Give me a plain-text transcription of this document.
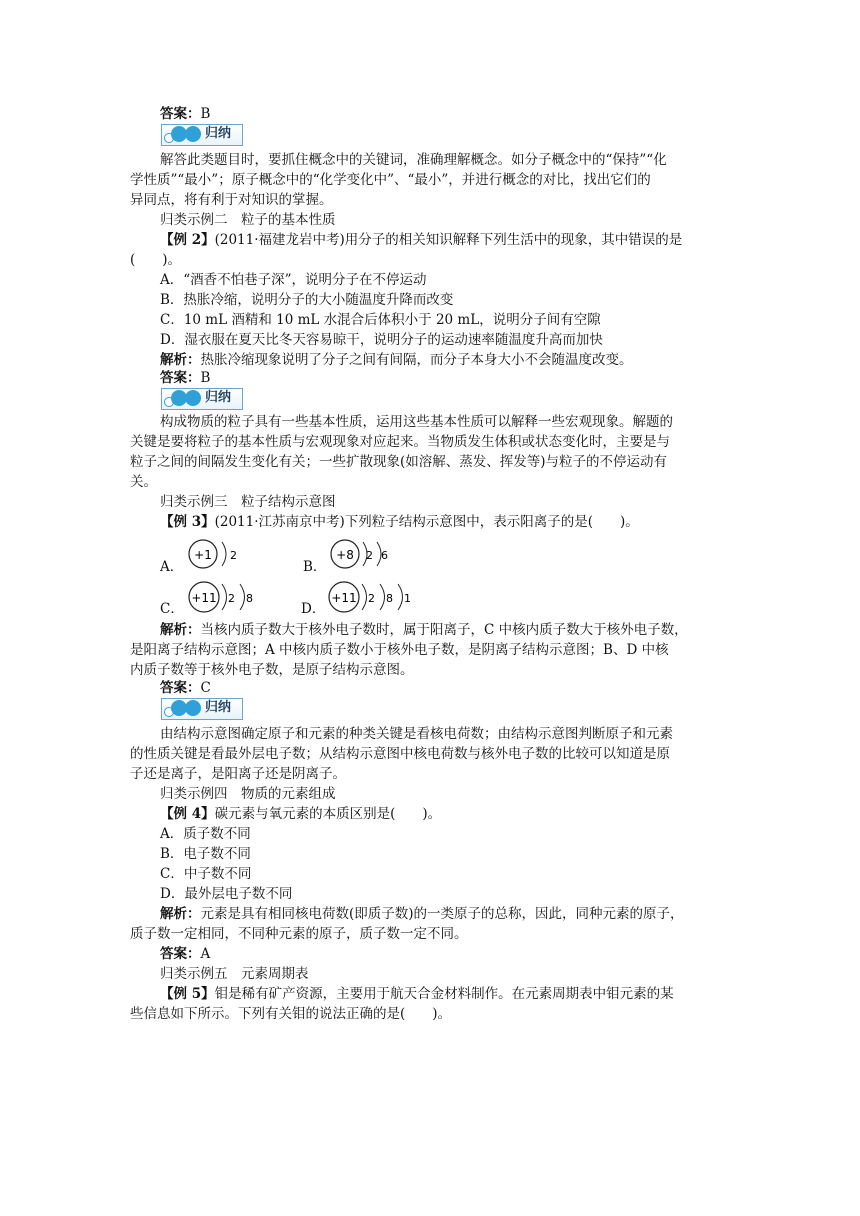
答案：B
归纳
解答此类题目时，要抓住概念中的关键词，准确理解概念。如分子概念中的“保持”“化
学性质”“最小”；原子概念中的“化学变化中”、“最小”，并进行概念的对比，找出它们的
异同点，将有利于对知识的掌握。
归类示例二　粒子的基本性质
【例 2】(2011·福建龙岩中考)用分子的相关知识解释下列生活中的现象，其中错误的是
(　　)。
A．“酒香不怕巷子深”，说明分子在不停运动
B．热胀冷缩，说明分子的大小随温度升降而改变
C．10 mL 酒精和 10 mL 水混合后体积小于 20 mL，说明分子间有空隙
D．湿衣服在夏天比冬天容易晾干，说明分子的运动速率随温度升高而加快
解析：热胀冷缩现象说明了分子之间有间隔，而分子本身大小不会随温度改变。
答案：B
归纳
构成物质的粒子具有一些基本性质，运用这些基本性质可以解释一些宏观现象。解题的
关键是要将粒子的基本性质与宏观现象对应起来。当物质发生体积或状态变化时，主要是与
粒子之间的间隔发生变化有关；一些扩散现象(如溶解、蒸发、挥发等)与粒子的不停运动有
关。
归类示例三　粒子结构示意图
【例 3】(2011·江苏南京中考)下列粒子结构示意图中，表示阳离子的是(　　)。
A．
+1 2
B．
+8 2 6
C．
+11 2 8
D．
+11 2 8 1
解析：当核内质子数大于核外电子数时，属于阳离子，C 中核内质子数大于核外电子数，
是阳离子结构示意图；A 中核内质子数小于核外电子数，是阴离子结构示意图；B、D 中核
内质子数等于核外电子数，是原子结构示意图。
答案：C
归纳
由结构示意图确定原子和元素的种类关键是看核电荷数；由结构示意图判断原子和元素
的性质关键是看最外层电子数；从结构示意图中核电荷数与核外电子数的比较可以知道是原
子还是离子，是阳离子还是阴离子。
归类示例四　物质的元素组成
【例 4】碳元素与氧元素的本质区别是(　　)。
A．质子数不同
B．电子数不同
C．中子数不同
D．最外层电子数不同
解析：元素是具有相同核电荷数(即质子数)的一类原子的总称，因此，同种元素的原子，
质子数一定相同，不同种元素的原子，质子数一定不同。
答案：A
归类示例五　元素周期表
【例 5】钼是稀有矿产资源，主要用于航天合金材料制作。在元素周期表中钼元素的某
些信息如下所示。下列有关钼的说法正确的是(　　)。
